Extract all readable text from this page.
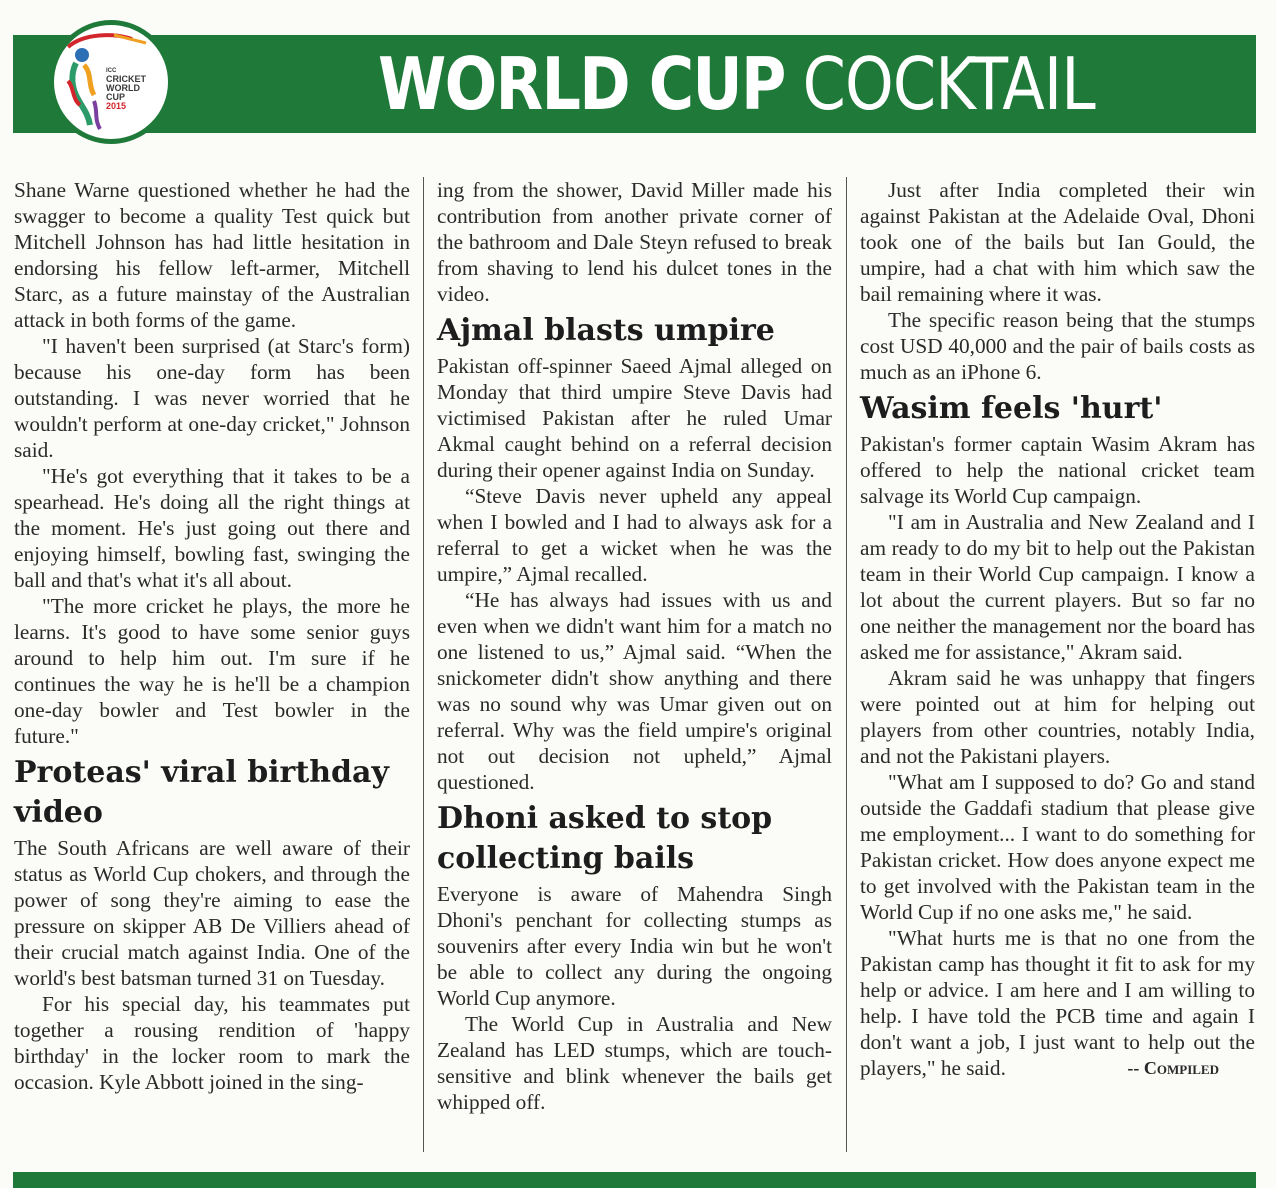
WORLD CUP COCKTAIL
ICC
CRICKET
WORLD
CUP
2015

Shane Warne questioned whether he had the swagger to become a quality Test quick but Mitchell Johnson has had little hesitation in endorsing his fellow left-armer, Mitchell Starc, as a future mainstay of the Australian attack in both forms of the game.

"I haven't been surprised (at Starc's form) because his one-day form has been outstanding. I was never worried that he wouldn't perform at one-day cricket," Johnson said.

"He's got everything that it takes to be a spearhead. He's doing all the right things at the moment. He's just going out there and enjoying himself, bowling fast, swinging the ball and that's what it's all about.

"The more cricket he plays, the more he learns. It's good to have some senior guys around to help him out. I'm sure if he continues the way he is he'll be a champion one-day bowler and Test bowler in the future."

Proteas' viral birthday video

The South Africans are well aware of their status as World Cup chokers, and through the power of song they're aiming to ease the pressure on skipper AB De Villiers ahead of their crucial match against India. One of the world's best batsman turned 31 on Tuesday.

For his special day, his teammates put together a rousing rendition of 'happy birthday' in the locker room to mark the occasion. Kyle Abbott joined in the sing-

ing from the shower, David Miller made his contribution from another private corner of the bathroom and Dale Steyn refused to break from shaving to lend his dulcet tones in the video.

Ajmal blasts umpire

Pakistan off-spinner Saeed Ajmal alleged on Monday that third umpire Steve Davis had victimised Pakistan after he ruled Umar Akmal caught behind on a referral decision during their opener against India on Sunday.

“Steve Davis never upheld any appeal when I bowled and I had to always ask for a referral to get a wicket when he was the umpire,” Ajmal recalled.

“He has always had issues with us and even when we didn't want him for a match no one listened to us,” Ajmal said. “When the snickometer didn't show anything and there was no sound why was Umar given out on referral. Why was the field umpire's original not out decision not upheld,” Ajmal questioned.

Dhoni asked to stop collecting bails

Everyone is aware of Mahendra Singh Dhoni's penchant for collecting stumps as souvenirs after every India win but he won't be able to collect any during the ongoing World Cup anymore.

The World Cup in Australia and New Zealand has LED stumps, which are touch-sensitive and blink whenever the bails get whipped off.

Just after India completed their win against Pakistan at the Adelaide Oval, Dhoni took one of the bails but Ian Gould, the umpire, had a chat with him which saw the bail remaining where it was.

The specific reason being that the stumps cost USD 40,000 and the pair of bails costs as much as an iPhone 6.

Wasim feels 'hurt'

Pakistan's former captain Wasim Akram has offered to help the national cricket team salvage its World Cup campaign.

"I am in Australia and New Zealand and I am ready to do my bit to help out the Pakistan team in their World Cup campaign. I know a lot about the current players. But so far no one neither the management nor the board has asked me for assistance," Akram said.

Akram said he was unhappy that fingers were pointed out at him for helping out players from other countries, notably India, and not the Pakistani players.

"What am I supposed to do? Go and stand outside the Gaddafi stadium that please give me employment... I want to do something for Pakistan cricket. How does anyone expect me to get involved with the Pakistan team in the World Cup if no one asks me," he said.

"What hurts me is that no one from the Pakistan camp has thought it fit to ask for my help or advice. I am here and I am willing to help. I have told the PCB time and again I don't want a job, I just want to help out the players," he said.	-- Compiled
